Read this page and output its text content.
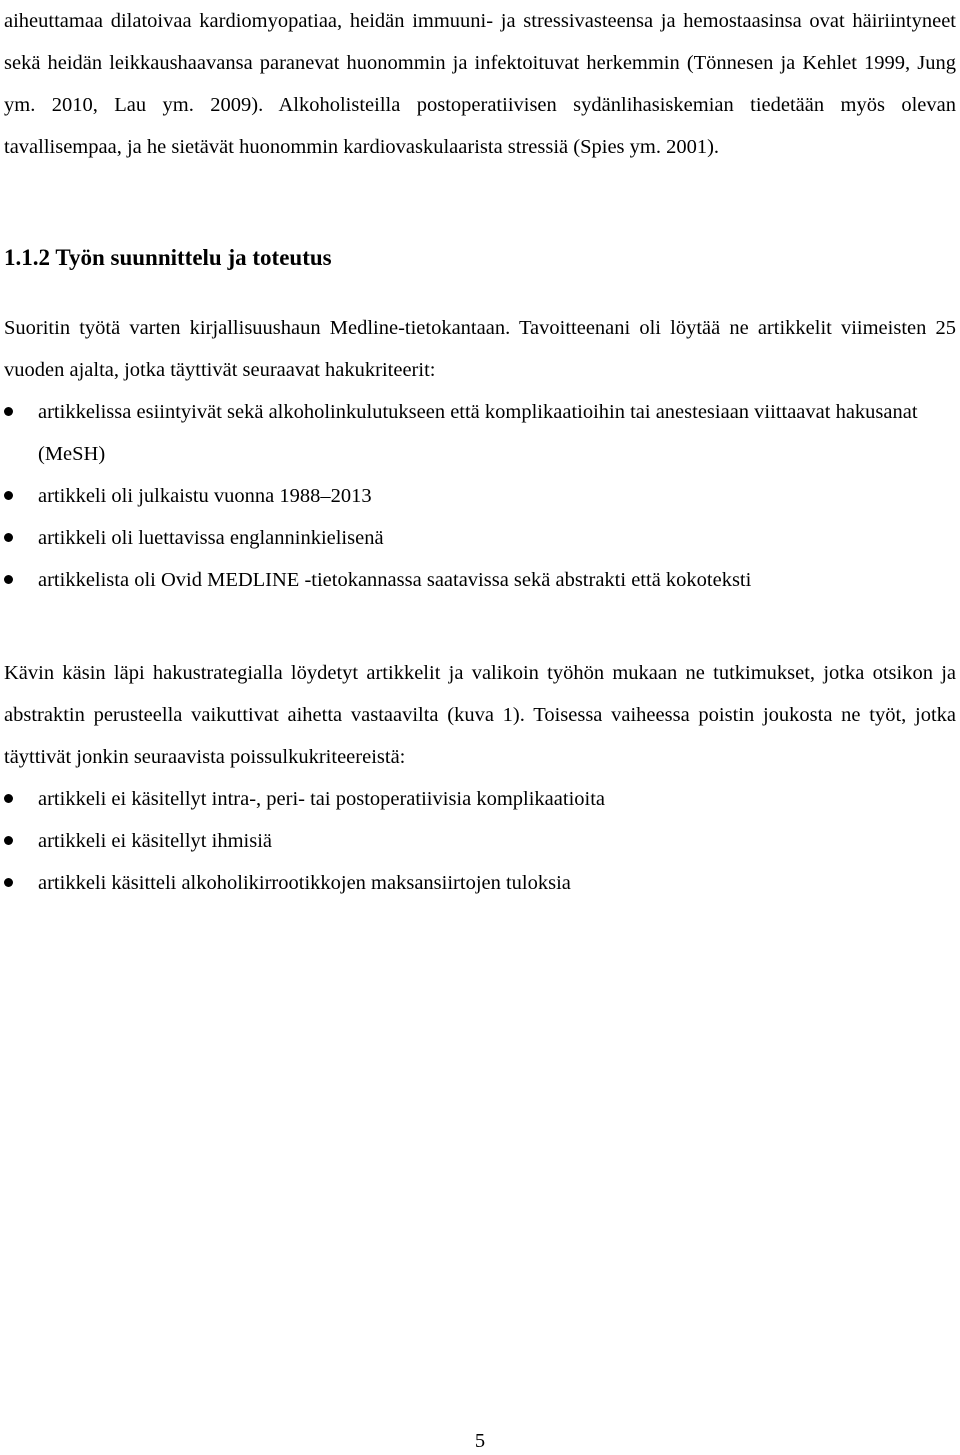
aiheuttamaa dilatoivaa kardiomyopatiaa, heidän immuuni- ja stressivasteensa ja hemostaasinsa ovat häiriintyneet sekä heidän leikkaushaavansa paranevat huonommin ja infektoituvat herkemmin (Tönnesen ja Kehlet 1999, Jung ym. 2010, Lau ym. 2009). Alkoholisteilla postoperatiivisen sydänlihasiskemian tiedetään myös olevan tavallisempaa, ja he sietävät huonommin kardiovaskulaarista stressiä (Spies ym. 2001).

1.1.2 Työn suunnittelu ja toteutus

Suoritin työtä varten kirjallisuushaun Medline-tietokantaan. Tavoitteenani oli löytää ne artikkelit viimeisten 25 vuoden ajalta, jotka täyttivät seuraavat hakukriteerit:

artikkelissa esiintyivät sekä alkoholinkulutukseen että komplikaatioihin tai anestesiaan viittaavat hakusanat (MeSH)
artikkeli oli julkaistu vuonna 1988–2013
artikkeli oli luettavissa englanninkielisenä
artikkelista oli Ovid MEDLINE -tietokannassa saatavissa sekä abstrakti että kokoteksti

Kävin käsin läpi hakustrategialla löydetyt artikkelit ja valikoin työhön mukaan ne tutkimukset, jotka otsikon ja abstraktin perusteella vaikuttivat aihetta vastaavilta (kuva 1). Toisessa vaiheessa poistin joukosta ne työt, jotka täyttivät jonkin seuraavista poissulkukriteereistä:

artikkeli ei käsitellyt intra-, peri- tai postoperatiivisia komplikaatioita
artikkeli ei käsitellyt ihmisiä
artikkeli käsitteli alkoholikirrootikkojen maksansiirtojen tuloksia
5
